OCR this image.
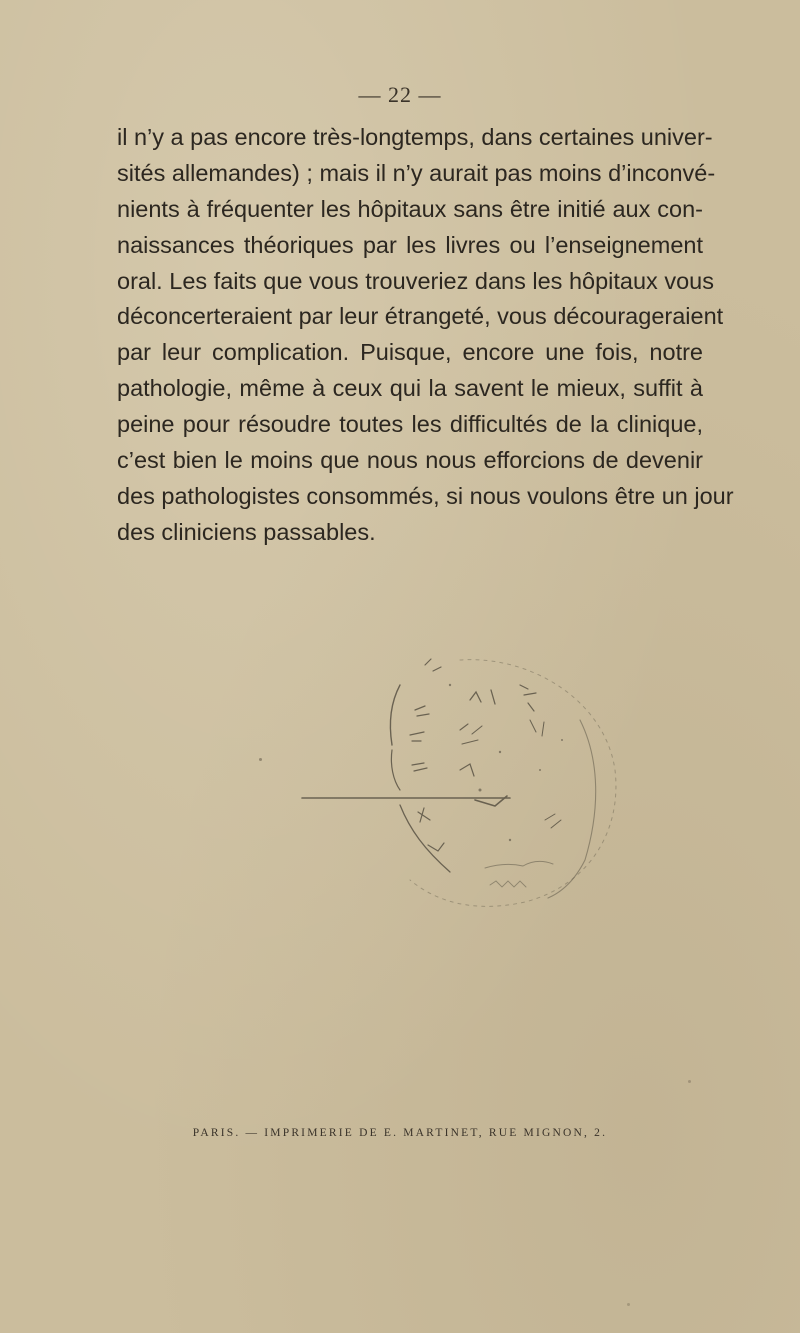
— 22 —
il n’y a pas encore très-longtemps, dans certaines univer-
sités allemandes) ; mais il n’y aurait pas moins d’inconvé-
nients à fréquenter les hôpitaux sans être initié aux con-
naissances théoriques par les livres ou l’enseignement
oral. Les faits que vous trouveriez dans les hôpitaux vous
déconcerteraient par leur étrangeté, vous décourageraient
par leur complication. Puisque, encore une fois, notre
pathologie, même à ceux qui la savent le mieux, suffit à
peine pour résoudre toutes les difficultés de la clinique,
c’est bien le moins que nous nous efforcions de devenir
des pathologistes consommés, si nous voulons être un jour
des cliniciens passables.
PARIS. — IMPRIMERIE DE E. MARTINET, RUE MIGNON, 2.
